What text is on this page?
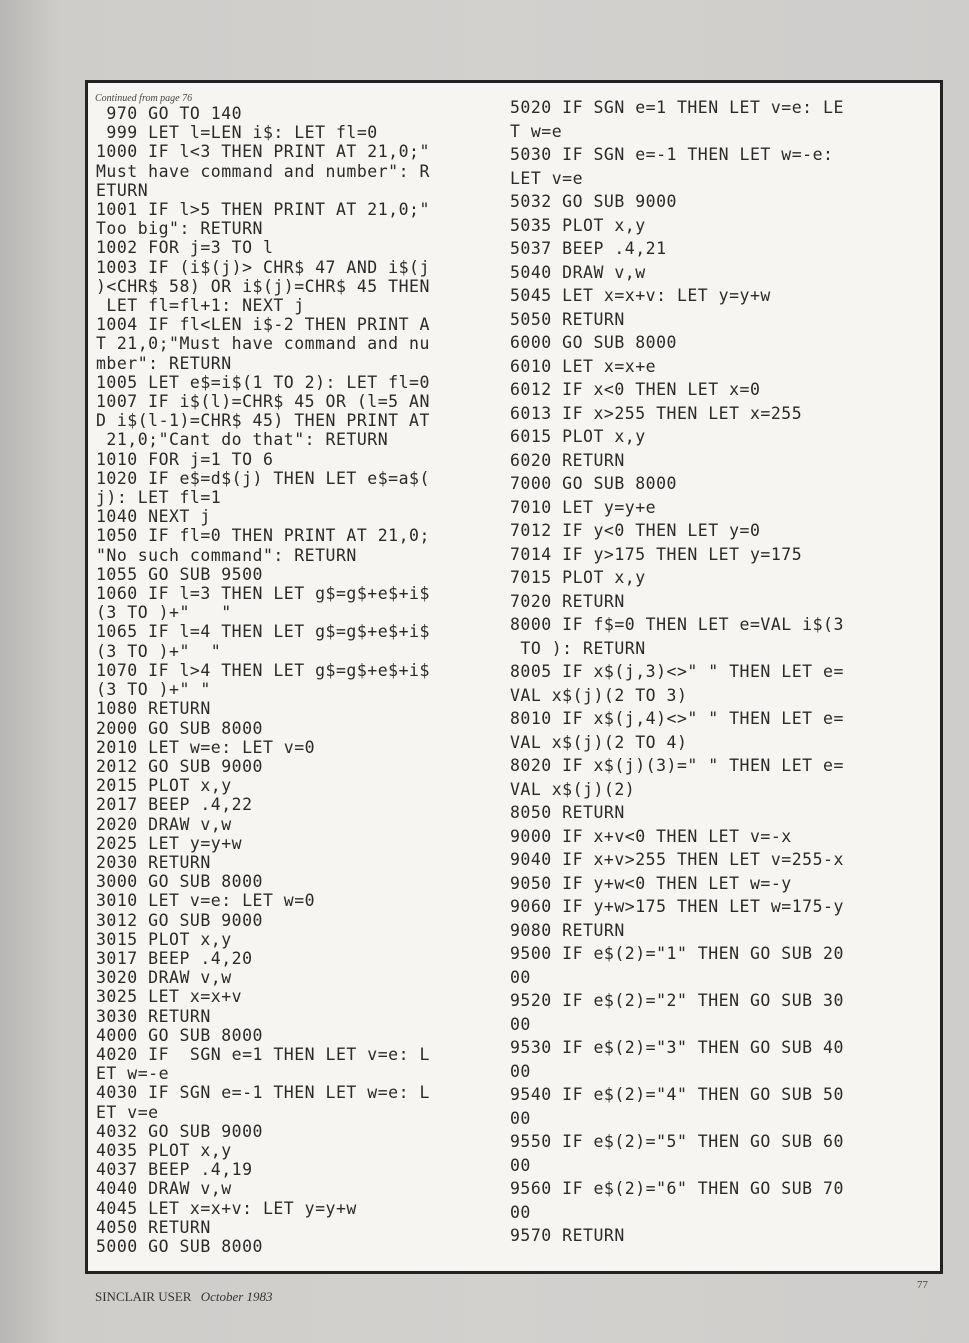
Continued from page 76
970 GO TO 140
999 LET l=LEN i$: LET fl=0
1000 IF l<3 THEN PRINT AT 21,0;"
Must have command and number": R
ETURN
1001 IF l>5 THEN PRINT AT 21,0;"
Too big": RETURN
1002 FOR j=3 TO l
1003 IF (i$(j)> CHR$ 47 AND i$(j
)<CHR$ 58) OR i$(j)=CHR$ 45 THEN
LET fl=fl+1: NEXT j
1004 IF fl<LEN i$-2 THEN PRINT A
T 21,0;"Must have command and nu
mber": RETURN
1005 LET e$=i$(1 TO 2): LET fl=0
1007 IF i$(l)=CHR$ 45 OR (l=5 AN
D i$(l-1)=CHR$ 45) THEN PRINT AT
21,0;"Cant do that": RETURN
1010 FOR j=1 TO 6
1020 IF e$=d$(j) THEN LET e$=a$(
j): LET fl=1
1040 NEXT j
1050 IF fl=0 THEN PRINT AT 21,0;
"No such command": RETURN
1055 GO SUB 9500
1060 IF l=3 THEN LET g$=g$+e$+i$
(3 TO )+"   "
1065 IF l=4 THEN LET g$=g$+e$+i$
(3 TO )+"  "
1070 IF l>4 THEN LET g$=g$+e$+i$
(3 TO )+" "
1080 RETURN
2000 GO SUB 8000
2010 LET w=e: LET v=0
2012 GO SUB 9000
2015 PLOT x,y
2017 BEEP .4,22
2020 DRAW v,w
2025 LET y=y+w
2030 RETURN
3000 GO SUB 8000
3010 LET v=e: LET w=0
3012 GO SUB 9000
3015 PLOT x,y
3017 BEEP .4,20
3020 DRAW v,w
3025 LET x=x+v
3030 RETURN
4000 GO SUB 8000
4020 IF  SGN e=1 THEN LET v=e: L
ET w=-e
4030 IF SGN e=-1 THEN LET w=e: L
ET v=e
4032 GO SUB 9000
4035 PLOT x,y
4037 BEEP .4,19
4040 DRAW v,w
4045 LET x=x+v: LET y=y+w
4050 RETURN
5000 GO SUB 8000
5020 IF SGN e=1 THEN LET v=e: LE
T w=e
5030 IF SGN e=-1 THEN LET w=-e:
LET v=e
5032 GO SUB 9000
5035 PLOT x,y
5037 BEEP .4,21
5040 DRAW v,w
5045 LET x=x+v: LET y=y+w
5050 RETURN
6000 GO SUB 8000
6010 LET x=x+e
6012 IF x<0 THEN LET x=0
6013 IF x>255 THEN LET x=255
6015 PLOT x,y
6020 RETURN
7000 GO SUB 8000
7010 LET y=y+e
7012 IF y<0 THEN LET y=0
7014 IF y>175 THEN LET y=175
7015 PLOT x,y
7020 RETURN
8000 IF f$=0 THEN LET e=VAL i$(3
TO ): RETURN
8005 IF x$(j,3)<>" " THEN LET e=
VAL x$(j)(2 TO 3)
8010 IF x$(j,4)<>" " THEN LET e=
VAL x$(j)(2 TO 4)
8020 IF x$(j)(3)=" " THEN LET e=
VAL x$(j)(2)
8050 RETURN
9000 IF x+v<0 THEN LET v=-x
9040 IF x+v>255 THEN LET v=255-x
9050 IF y+w<0 THEN LET w=-y
9060 IF y+w>175 THEN LET w=175-y
9080 RETURN
9500 IF e$(2)="1" THEN GO SUB 20
00
9520 IF e$(2)="2" THEN GO SUB 30
00
9530 IF e$(2)="3" THEN GO SUB 40
00
9540 IF e$(2)="4" THEN GO SUB 50
00
9550 IF e$(2)="5" THEN GO SUB 60
00
9560 IF e$(2)="6" THEN GO SUB 70
00
9570 RETURN
SINCLAIR USER October 1983
77
